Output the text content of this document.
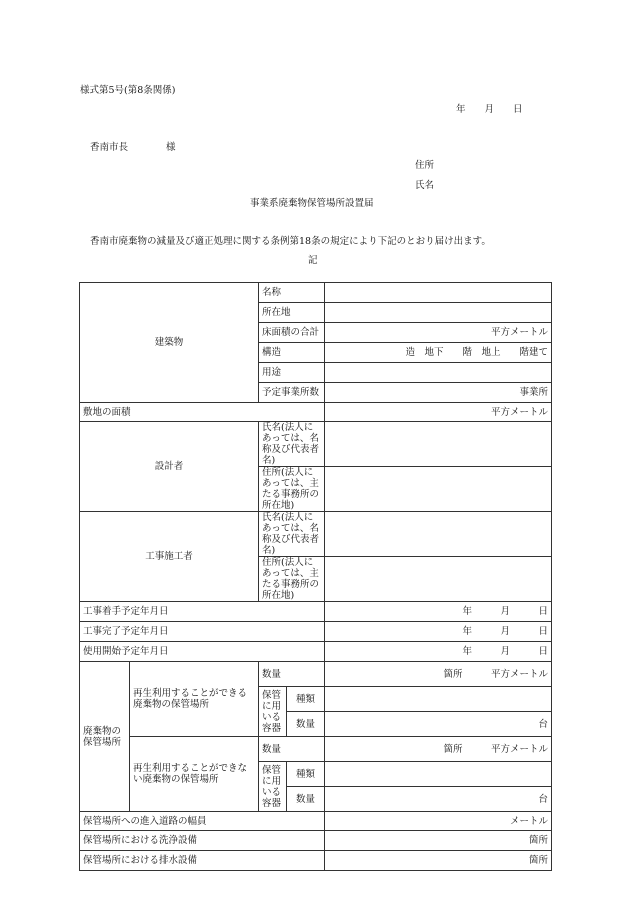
様式第5号(第8条関係)
年　　月　　日
香南市長　　　　様
住所
氏名
事業系廃棄物保管場所設置届
香南市廃棄物の減量及び適正処理に関する条例第18条の規定により下記のとおり届け出ます。
記
建築物		名称		
		所在地		
		床面積の合計		平方メートル
		構造		造　地下　　階　地上　　階建て
		用途		
		予定事業所数		事業所
敷地の面積				平方メートル
設計者		氏名(法人にあっては、名称及び代表者名)		
		住所(法人にあっては、主たる事務所の所在地)		
工事施工者		氏名(法人にあっては、名称及び代表者名)		
		住所(法人にあっては、主たる事務所の所在地)		
工事着手予定年月日				年　　　月　　　日
工事完了予定年月日				年　　　月　　　日
使用開始予定年月日				年　　　月　　　日
廃棄物の保管場所	再生利用することができる廃棄物の保管場所	数量		箇所　　　平方メートル
		保管に用いる容器	種類	
			数量	台
	再生利用することができない廃棄物の保管場所	数量		箇所　　　平方メートル
		保管に用いる容器	種類	
			数量	台
保管場所への進入道路の幅員				メートル
保管場所における洗浄設備				箇所
保管場所における排水設備				箇所
